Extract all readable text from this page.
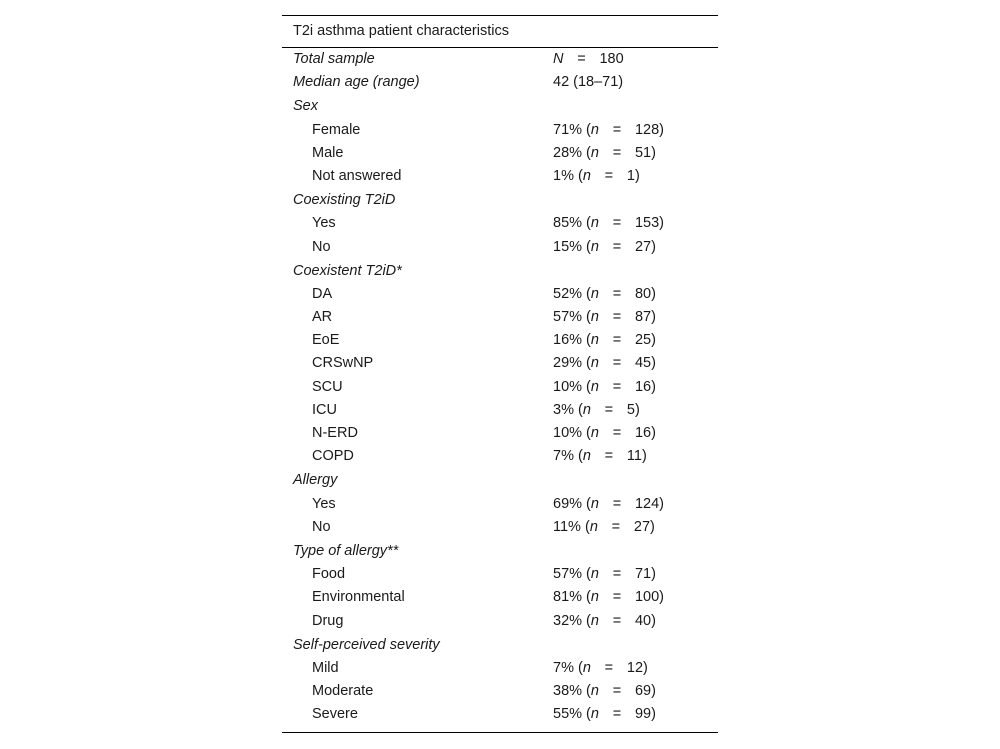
T2i asthma patient characteristics
Total sample	N = 180
Median age (range)	42 (18–71)
Sex
Female	71% (n = 128)
Male	28% (n = 51)
Not answered	1% (n = 1)
Coexisting T2iD
Yes	85% (n = 153)
No	15% (n = 27)
Coexistent T2iD*
DA	52% (n = 80)
AR	57% (n = 87)
EoE	16% (n = 25)
CRSwNP	29% (n = 45)
SCU	10% (n = 16)
ICU	3% (n = 5)
N-ERD	10% (n = 16)
COPD	7% (n = 11)
Allergy
Yes	69% (n = 124)
No	11% (n = 27)
Type of allergy**
Food	57% (n = 71)
Environmental	81% (n = 100)
Drug	32% (n = 40)
Self-perceived severity
Mild	7% (n = 12)
Moderate	38% (n = 69)
Severe	55% (n = 99)
